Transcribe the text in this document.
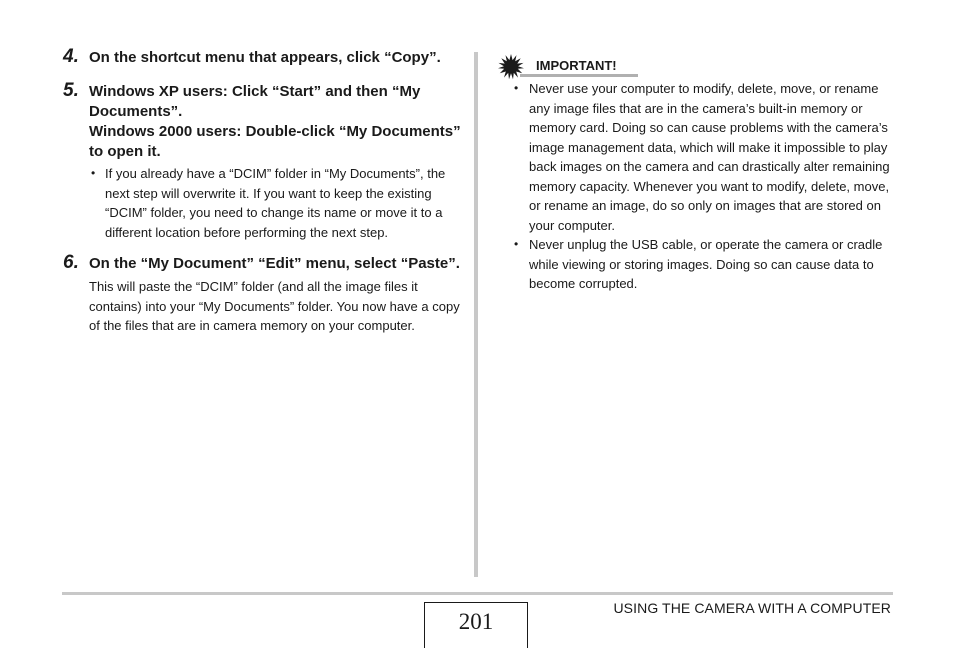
4. On the shortcut menu that appears, click “Copy”.

5. Windows XP users: Click “Start” and then “My Documents”.

Windows 2000 users: Double-click “My Documents” to open it.

• If you already have a “DCIM” folder in “My Documents”, the next step will overwrite it. If you want to keep the existing “DCIM” folder, you need to change its name or move it to a different location before performing the next step.
6. On the “My Document” “Edit” menu, select “Paste”.

This will paste the “DCIM” folder (and all the image files it contains) into your “My Documents” folder. You now have a copy of the files that are in camera memory on your computer.

IMPORTANT!
• Never use your computer to modify, delete, move, or rename any image files that are in the camera’s built-in memory or memory card. Doing so can cause problems with the camera’s image management data, which will make it impossible to play back images on the camera and can drastically alter remaining memory capacity. Whenever you want to modify, delete, move, or rename an image, do so only on images that are stored on your computer.
• Never unplug the USB cable, or operate the camera or cradle while viewing or storing images. Doing so can cause data to become corrupted.
201
USING THE CAMERA WITH A COMPUTER
